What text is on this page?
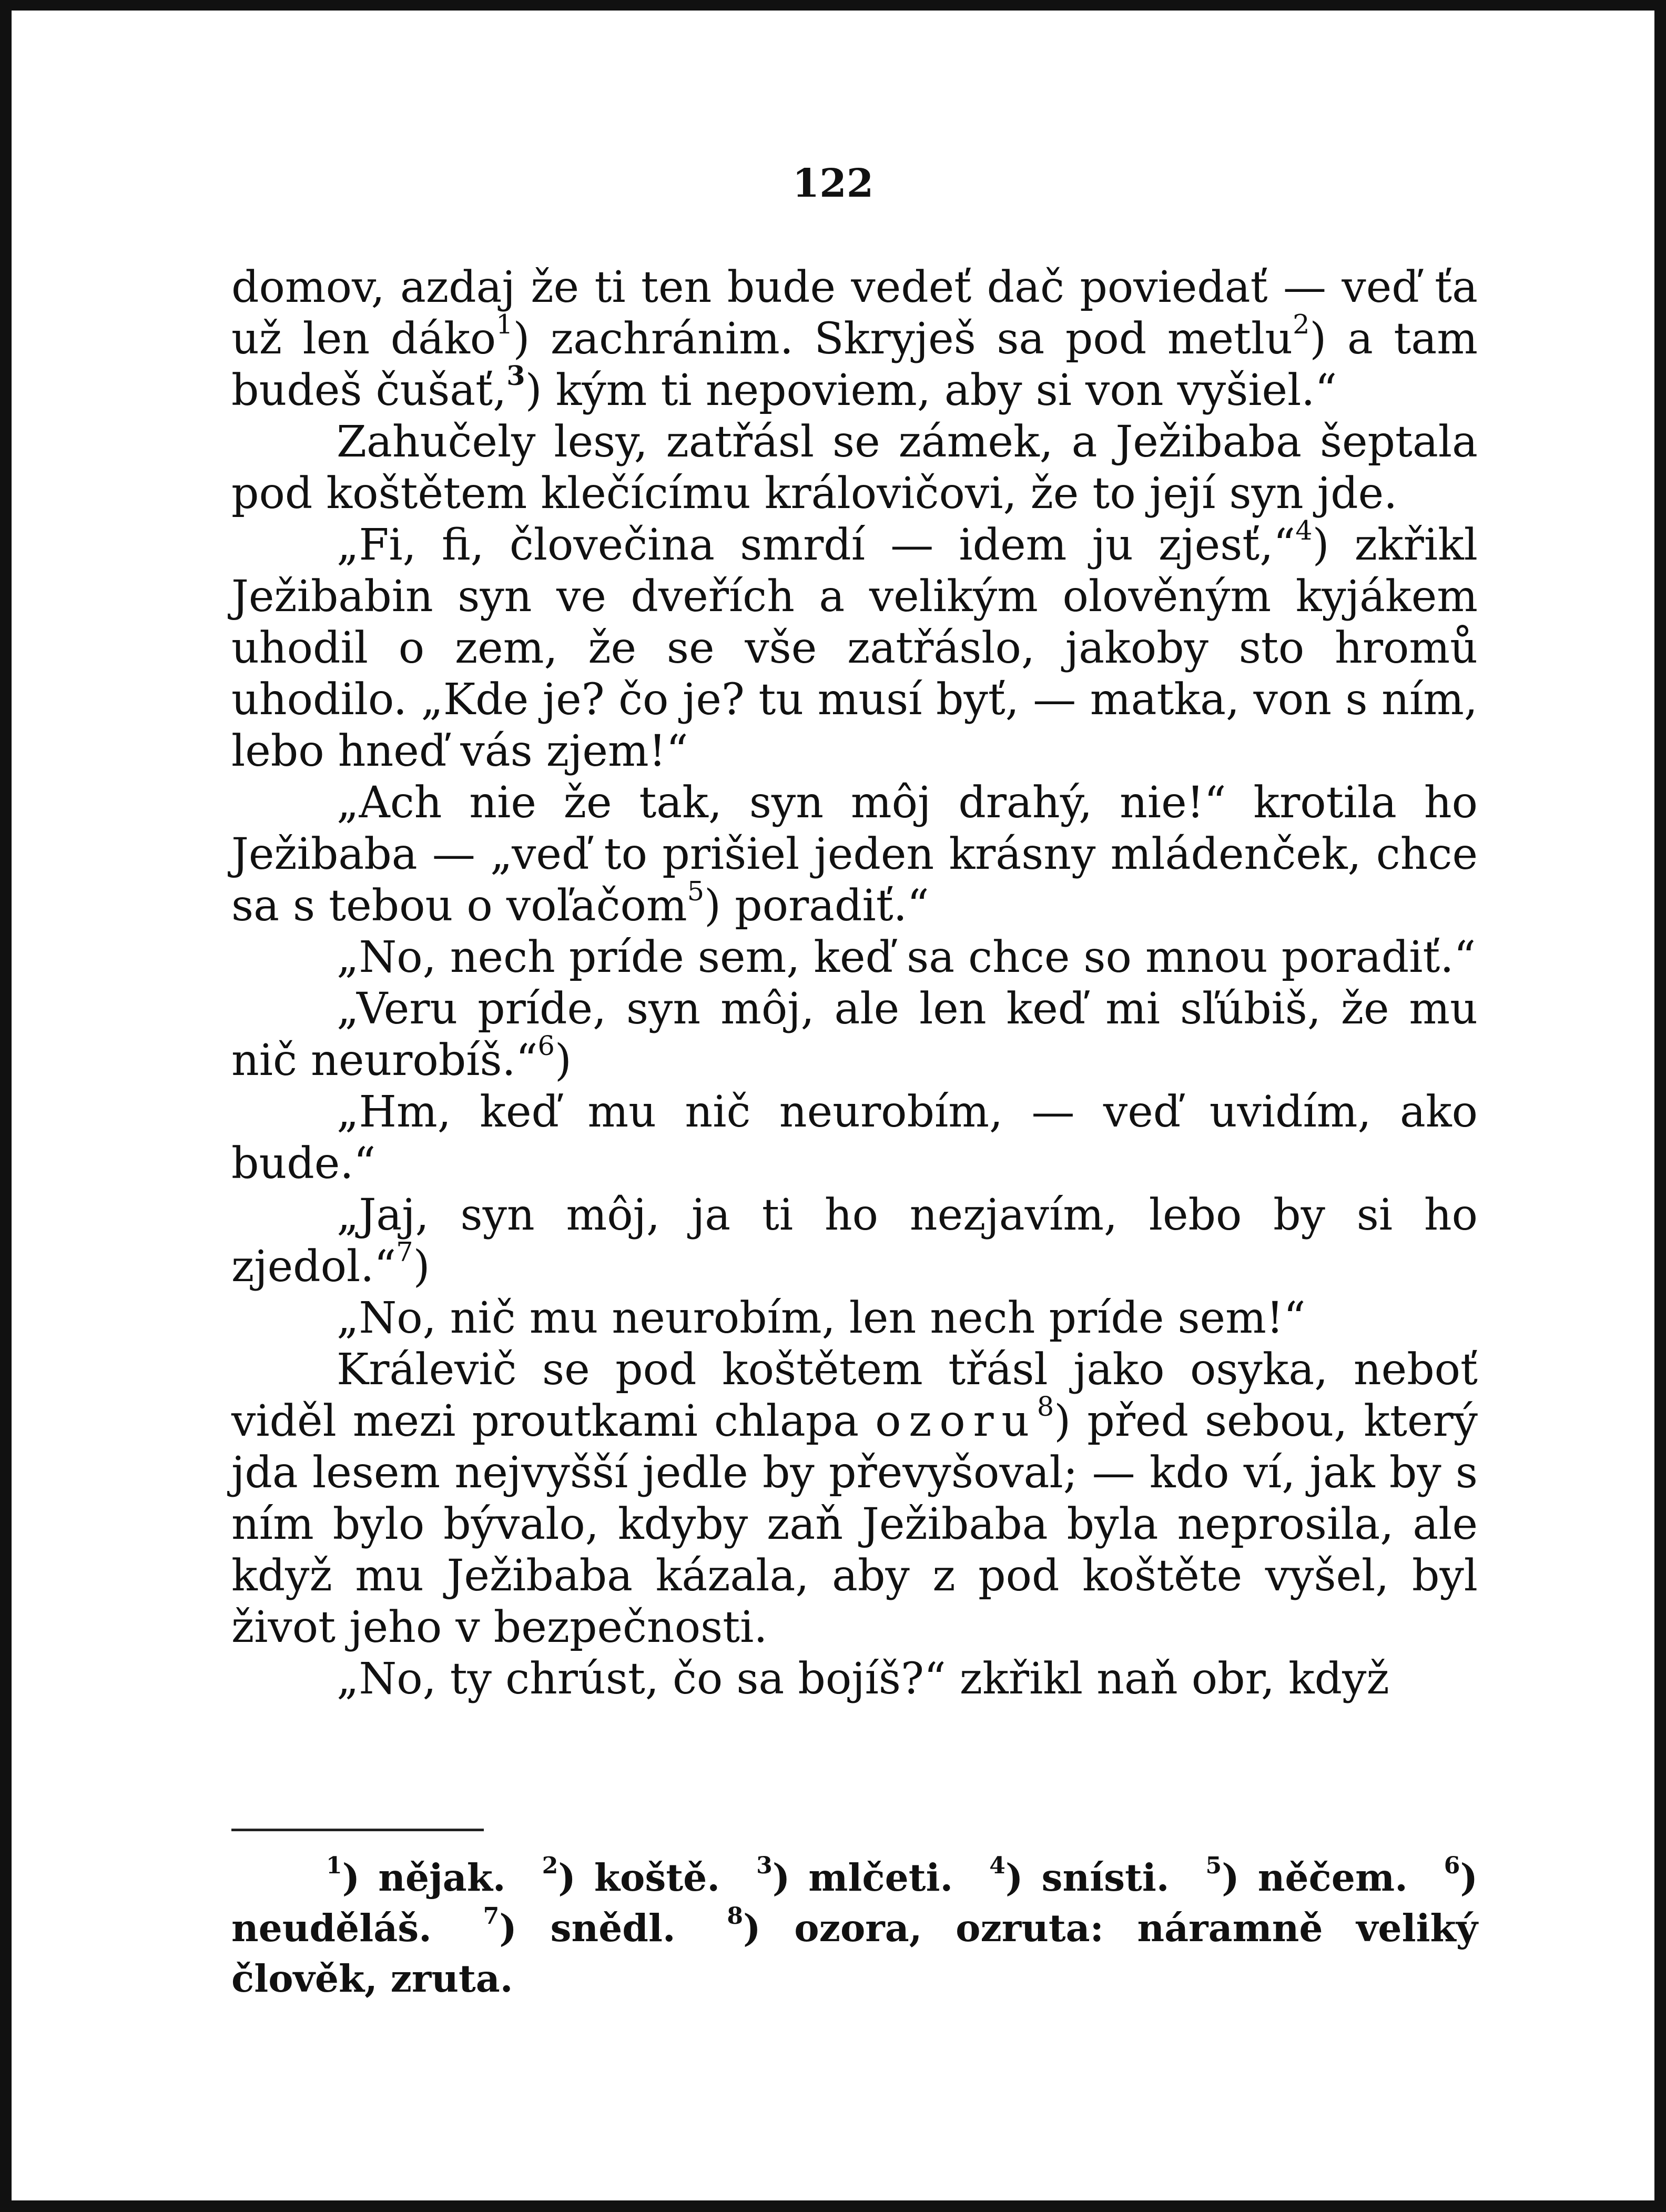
122
domov, azdaj že ti ten bude vedeť dač poviedať — veď ťa už len dáko$^1$) zachránim. Skryješ sa pod metlu$^2$) a tam budeš čušať,$^3$) kým ti nepoviem, aby si von vyšiel.“
Zahučely lesy, zatřásl se zámek, a Ježibaba šeptala pod koštětem klečícímu královičovi, že to její syn jde.
„Fi, fi, človečina smrdí — idem ju zjesť,“$^4$) zkřikl Ježibabin syn ve dveřích a velikým olověným kyjákem uhodil o zem, že se vše zatřáslo, jakoby sto hromů uhodilo. „Kde je? čo je? tu musí byť, — matka, von s ním, lebo hneď vás zjem!“
„Ach nie že tak, syn môj drahý, nie!“ krotila ho Ježibaba — „veď to prišiel jeden krásny mládenček, chce sa s tebou o voľačom$^5$) poradiť.“
„No, nech príde sem, keď sa chce so mnou poradiť.“
„Veru príde, syn môj, ale len keď mi sľúbiš, že mu nič neurobíš.“$^6$)
„Hm, keď mu nič neurobím, — veď uvidím, ako bude.“
„Jaj, syn môj, ja ti ho nezjavím, lebo by si ho zjedol.“$^7$)
„No, nič mu neurobím, len nech príde sem!“
Králevič se pod koštětem třásl jako osyka, neboť viděl mezi proutkami chlapa ozoru$^8$) před sebou, který jda lesem nejvyšší jedle by převyšoval; — kdo ví, jak by s ním bylo bývalo, kdyby zaň Ježibaba byla neprosila, ale když mu Ježibaba kázala, aby z pod koštěte vyšel, byl život jeho v bezpečnosti.
„No, ty chrúst, čo sa bojíš?“ zkřikl naň obr, když
$^1$) nějak. $^2$) koště. $^3$) mlčeti. $^4$) snísti. $^5$) něčem. $^6$) neuděláš. $^7$) snědl. $^8$) ozora, ozruta: náramně veliký člověk, zruta.
